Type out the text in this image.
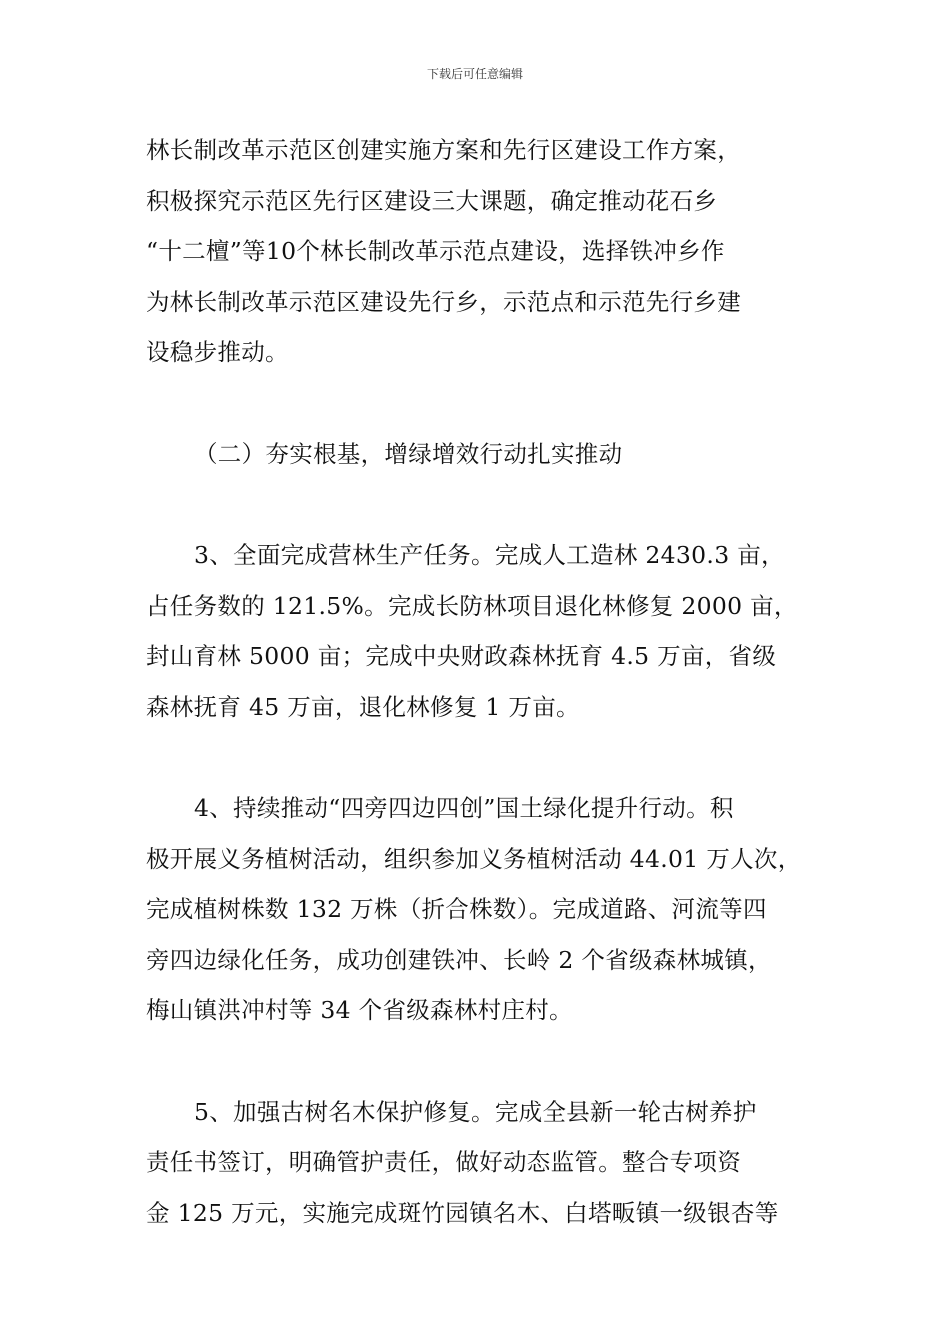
下载后可任意编辑
林长制改革示范区创建实施方案和先行区建设工作方案，
积极探究示范区先行区建设三大课题，确定推动花石乡
“十二檀”等10个林长制改革示范点建设，选择铁冲乡作
为林长制改革示范区建设先行乡，示范点和示范先行乡建
设稳步推动。
（二）夯实根基，增绿增效行动扎实推动
3、全面完成营林生产任务。完成人工造林 2430.3 亩，
占任务数的 121.5%。完成长防林项目退化林修复 2000 亩，
封山育林 5000 亩；完成中央财政森林抚育 4.5 万亩，省级
森林抚育 45 万亩，退化林修复 1 万亩。
4、持续推动“四旁四边四创”国土绿化提升行动。积
极开展义务植树活动，组织参加义务植树活动 44.01 万人次，
完成植树株数 132 万株（折合株数）。完成道路、河流等四
旁四边绿化任务，成功创建铁冲、长岭 2 个省级森林城镇，
梅山镇洪冲村等 34 个省级森林村庄村。
5、加强古树名木保护修复。完成全县新一轮古树养护
责任书签订，明确管护责任，做好动态监管。整合专项资
金 125 万元，实施完成斑竹园镇名木、白塔畈镇一级银杏等
